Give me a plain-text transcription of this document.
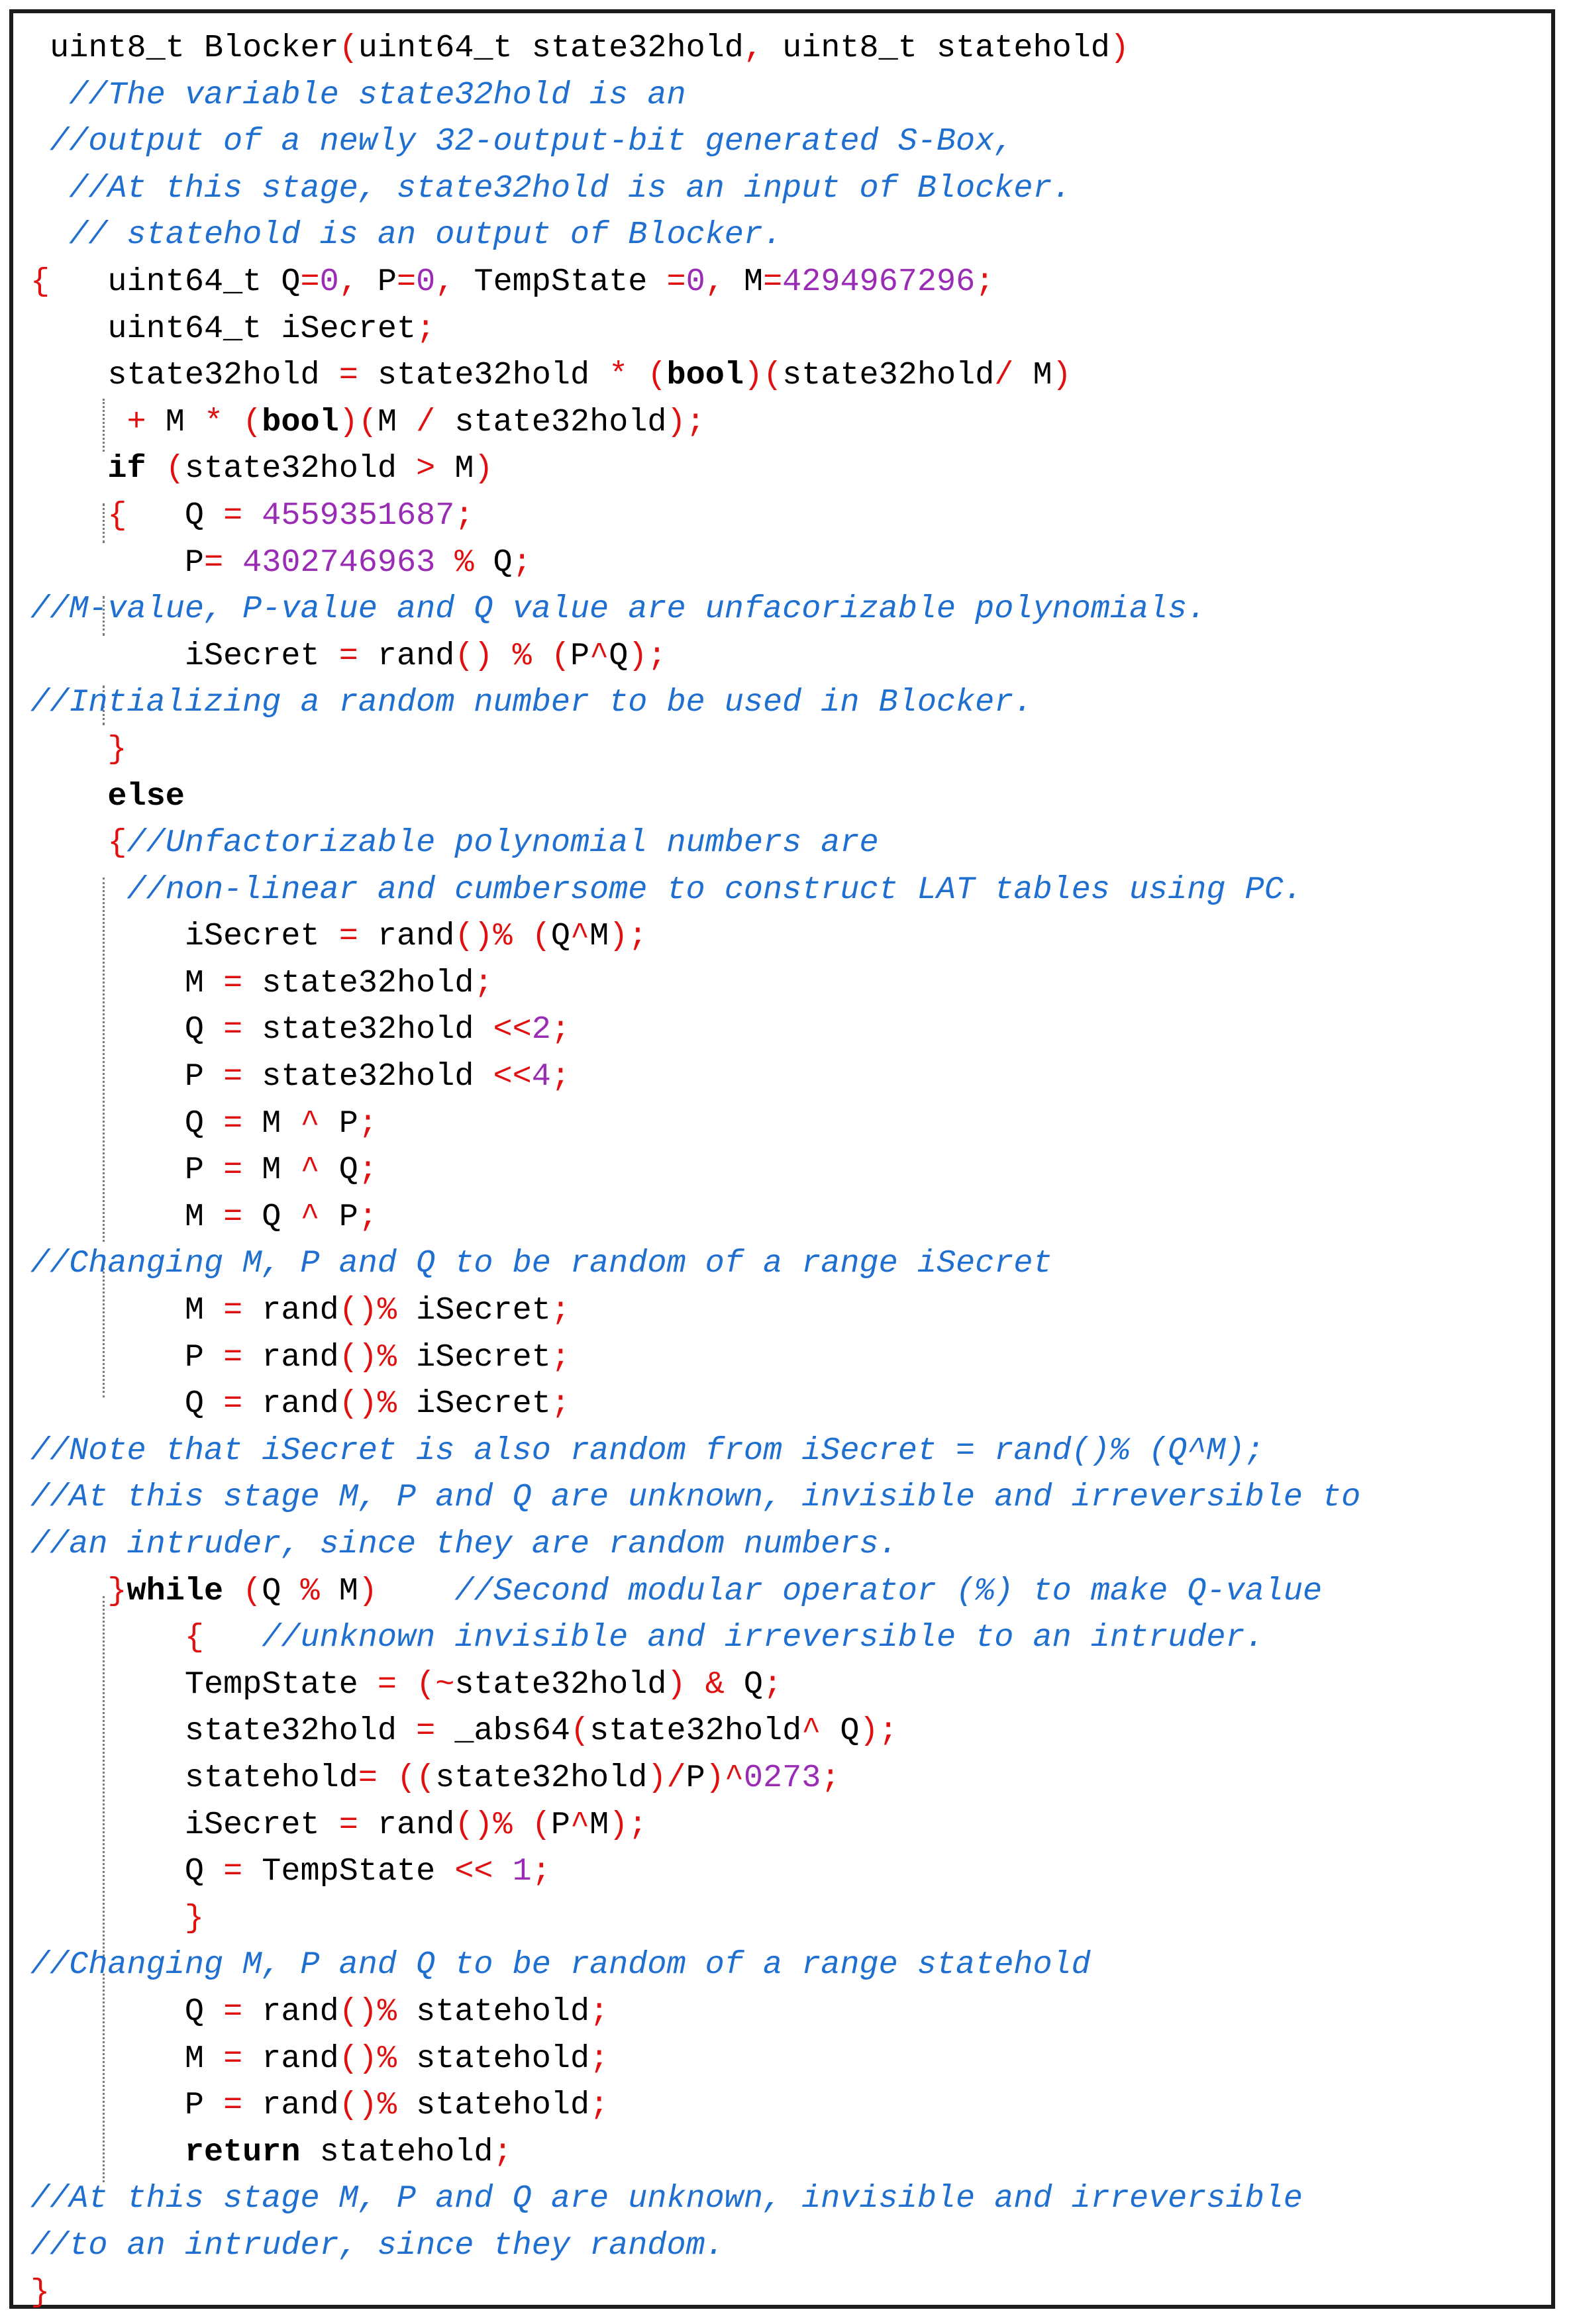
uint8_t Blocker(uint64_t state32hold, uint8_t statehold)
//The variable state32hold is an
//output of a newly 32-output-bit generated S-Box,
//At this stage, state32hold is an input of Blocker.
// statehold is an output of Blocker.
{   uint64_t Q=0, P=0, TempState =0, M=4294967296;
uint64_t iSecret;
state32hold = state32hold * (bool)(state32hold/ M)
+ M * (bool)(M / state32hold);
if (state32hold > M)
{   Q = 4559351687;
P= 4302746963 % Q;
//M-value, P-value and Q value are unfacorizable polynomials.
iSecret = rand() % (P^Q);
//Intializing a random number to be used in Blocker.
}
else
{//Unfactorizable polynomial numbers are
//non-linear and cumbersome to construct LAT tables using PC.
iSecret = rand()% (Q^M);
M = state32hold;
Q = state32hold <<2;
P = state32hold <<4;
Q = M ^ P;
P = M ^ Q;
M = Q ^ P;
//Changing M, P and Q to be random of a range iSecret
M = rand()% iSecret;
P = rand()% iSecret;
Q = rand()% iSecret;
//Note that iSecret is also random from iSecret = rand()% (Q^M);
//At this stage M, P and Q are unknown, invisible and irreversible to
//an intruder, since they are random numbers.
}while (Q % M) //Second modular operator (%) to make Q-value
{ //unknown invisible and irreversible to an intruder.
TempState = (~state32hold) & Q;
state32hold = _abs64(state32hold^ Q);
statehold= ((state32hold)/P)^0273;
iSecret = rand()% (P^M);
Q = TempState << 1;
}
//Changing M, P and Q to be random of a range statehold
Q = rand()% statehold;
M = rand()% statehold;
P = rand()% statehold;
return statehold;
//At this stage M, P and Q are unknown, invisible and irreversible
//to an intruder, since they random.
}
